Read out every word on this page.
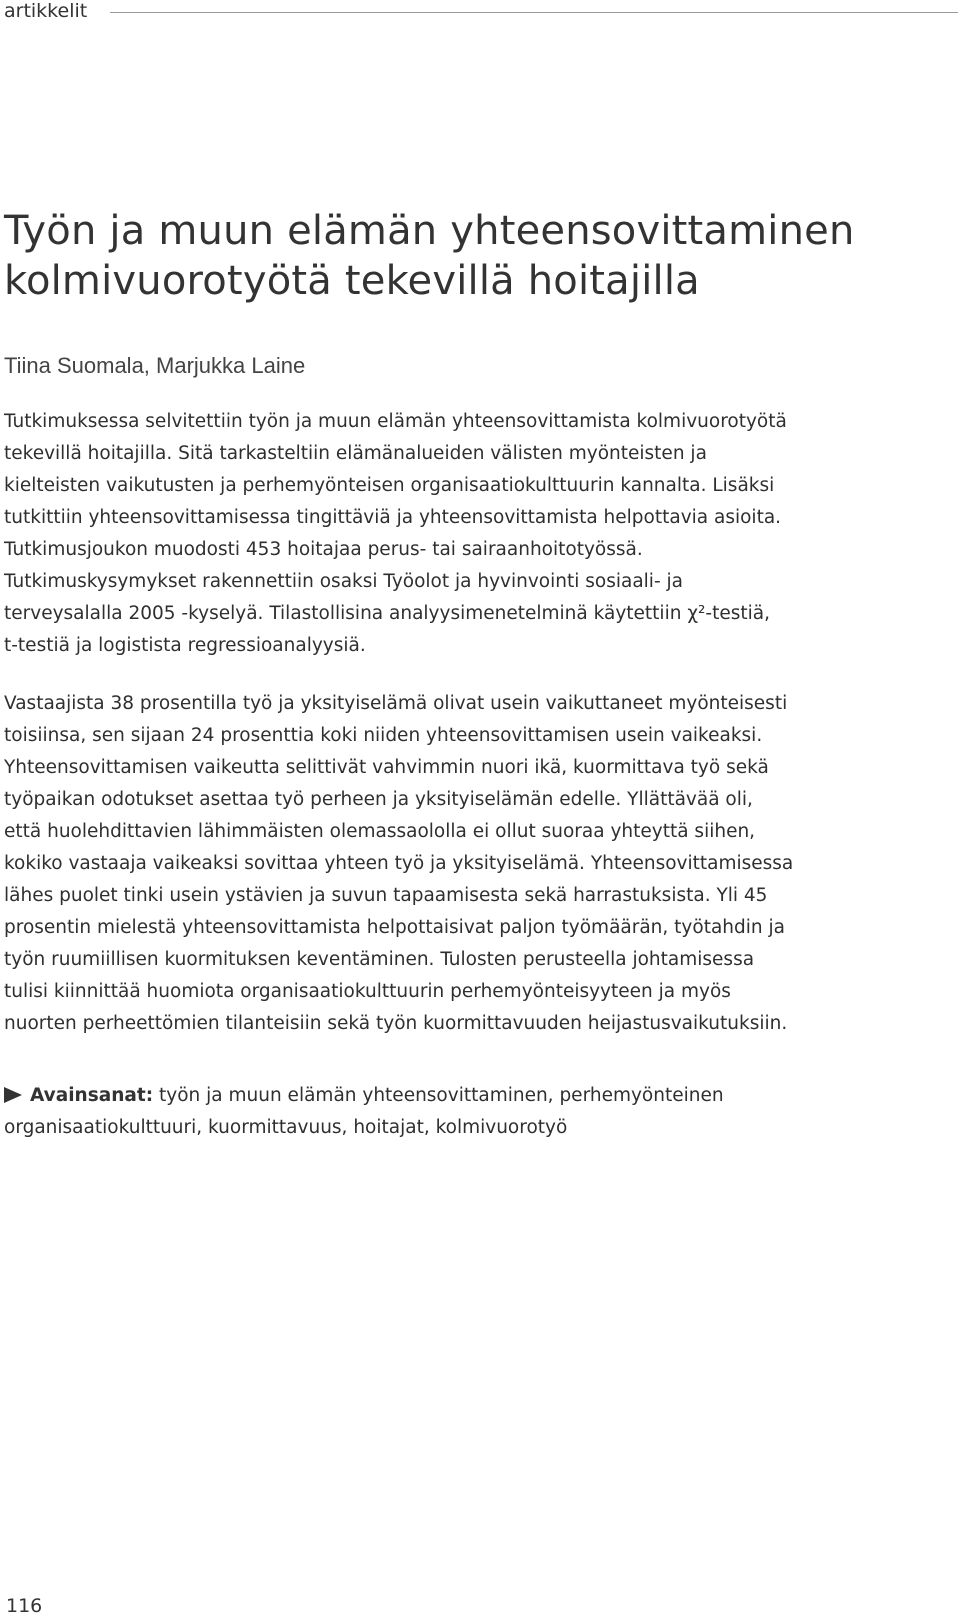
artikkelit
Työn ja muun elämän yhteensovittaminen
kolmivuorotyötä tekevillä hoitajilla
Tiina Suomala, Marjukka Laine

Tutkimuksessa selvitettiin työn ja muun elämän yhteensovittamista kolmivuorotyötä
tekevillä hoitajilla. Sitä tarkasteltiin elämänalueiden välisten myönteisten ja
kielteisten vaikutusten ja perhemyönteisen organisaatiokulttuurin kannalta. Lisäksi
tutkittiin yhteensovittamisessa tingittäviä ja yhteensovittamista helpottavia asioita.
Tutkimusjoukon muodosti 453 hoitajaa perus- tai sairaanhoitotyössä.
Tutkimuskysymykset rakennettiin osaksi Työolot ja hyvinvointi sosiaali- ja
terveysalalla 2005 -kyselyä. Tilastollisina analyysimenetelminä käytettiin χ²-testiä,
t-testiä ja logistista regressioanalyysiä.

Vastaajista 38 prosentilla työ ja yksityiselämä olivat usein vaikuttaneet myönteisesti
toisiinsa, sen sijaan 24 prosenttia koki niiden yhteensovittamisen usein vaikeaksi.
Yhteensovittamisen vaikeutta selittivät vahvimmin nuori ikä, kuormittava työ sekä
työpaikan odotukset asettaa työ perheen ja yksityiselämän edelle. Yllättävää oli,
että huolehdittavien lähimmäisten olemassaololla ei ollut suoraa yhteyttä siihen,
kokiko vastaaja vaikeaksi sovittaa yhteen työ ja yksityiselämä. Yhteensovittamisessa
lähes puolet tinki usein ystävien ja suvun tapaamisesta sekä harrastuksista. Yli 45
prosentin mielestä yhteensovittamista helpottaisivat paljon työmäärän, työtahdin ja
työn ruumiillisen kuormituksen keventäminen. Tulosten perusteella johtamisessa
tulisi kiinnittää huomiota organisaatiokulttuurin perhemyönteisyyteen ja myös
nuorten perheettömien tilanteisiin sekä työn kuormittavuuden heijastusvaikutuksiin.

Avainsanat: työn ja muun elämän yhteensovittaminen, perhemyönteinen
organisaatiokulttuuri, kuormittavuus, hoitajat, kolmivuorotyö
116
